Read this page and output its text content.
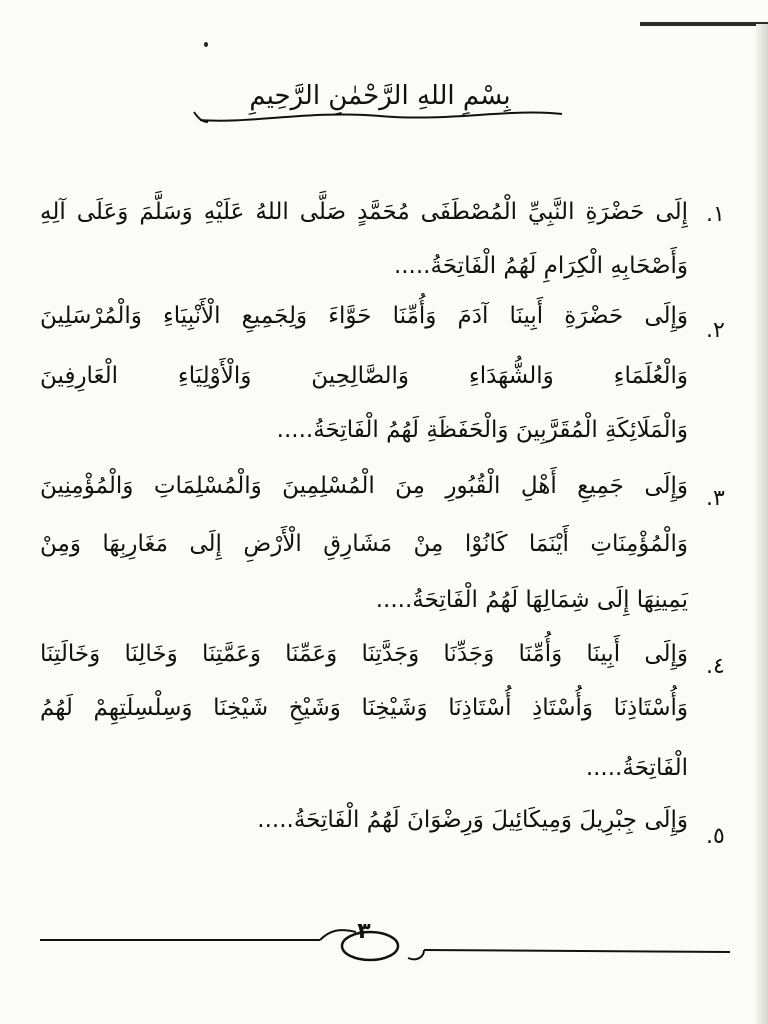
بِسْمِ اللهِ الرَّحْمٰنِ الرَّحِيمِ
١.
إِلَى حَضْرَةِ النَّبِيِّ الْمُصْطَفَى مُحَمَّدٍ صَلَّى اللهُ عَلَيْهِ وَسَلَّمَ وَعَلَى آلِهِ
وَأَصْحَابِهِ الْكِرَامِ لَهُمُ الْفَاتِحَةُ.....
٢.
وَإِلَى حَضْرَةِ أَبِينَا آدَمَ وَأُمِّنَا حَوَّاءَ وَلِجَمِيعِ الْأَنْبِيَاءِ وَالْمُرْسَلِينَ
وَالْعُلَمَاءِ وَالشُّهَدَاءِ وَالصَّالِحِينَ وَالْأَوْلِيَاءِ الْعَارِفِينَ
وَالْمَلَائِكَةِ الْمُقَرَّبِينَ وَالْحَفَظَةِ لَهُمُ الْفَاتِحَةُ.....
٣.
وَإِلَى جَمِيعِ أَهْلِ الْقُبُورِ مِنَ الْمُسْلِمِينَ وَالْمُسْلِمَاتِ وَالْمُؤْمِنِينَ
وَالْمُؤْمِنَاتِ أَيْنَمَا كَانُوْا مِنْ مَشَارِقِ الْأَرْضِ إِلَى مَغَارِبِهَا وَمِنْ
يَمِينِهَا إِلَى شِمَالِهَا لَهُمُ الْفَاتِحَةُ.....
٤.
وَإِلَى أَبِينَا وَأُمِّنَا وَجَدِّنَا وَجَدَّتِنَا وَعَمِّنَا وَعَمَّتِنَا وَخَالِنَا وَخَالَتِنَا
وَأُسْتَاذِنَا وَأُسْتَاذِ أُسْتَاذِنَا وَشَيْخِنَا وَشَيْخِ شَيْخِنَا وَسِلْسِلَتِهِمْ لَهُمُ
الْفَاتِحَةُ.....
٥.
وَإِلَى جِبْرِيلَ وَمِيكَائِيلَ وَرِضْوَانَ لَهُمُ الْفَاتِحَةُ.....
٣
